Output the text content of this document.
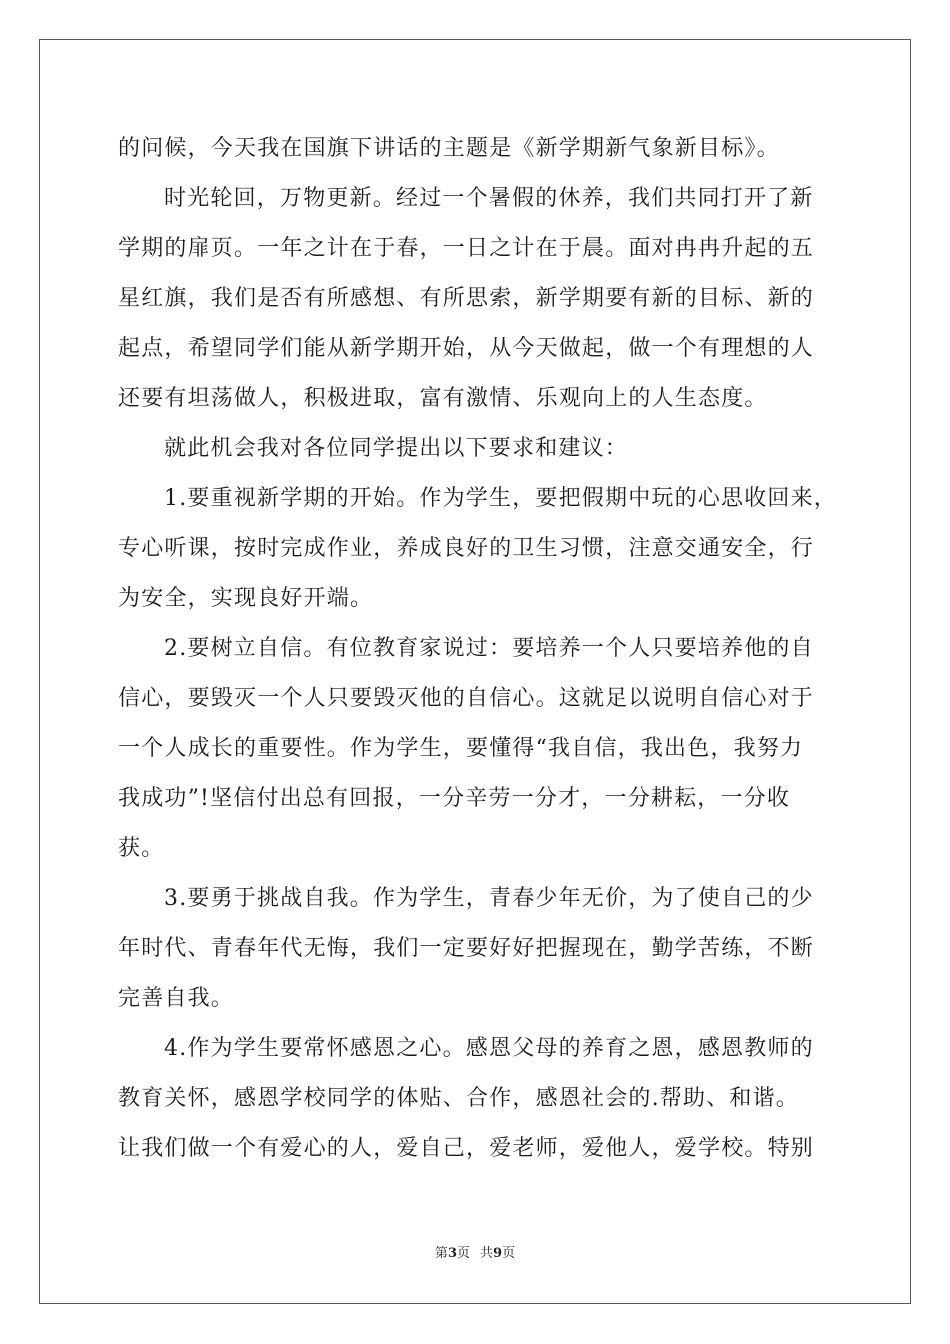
的问候，今天我在国旗下讲话的主题是《新学期新气象新目标》。
时光轮回，万物更新。经过一个暑假的休养，我们共同打开了新
学期的扉页。一年之计在于春，一日之计在于晨。面对冉冉升起的五
星红旗，我们是否有所感想、有所思索，新学期要有新的目标、新的
起点，希望同学们能从新学期开始，从今天做起，做一个有理想的人
还要有坦荡做人，积极进取，富有激情、乐观向上的人生态度。
就此机会我对各位同学提出以下要求和建议：
1.要重视新学期的开始。作为学生，要把假期中玩的心思收回来，
专心听课，按时完成作业，养成良好的卫生习惯，注意交通安全，行
为安全，实现良好开端。
2.要树立自信。有位教育家说过：要培养一个人只要培养他的自
信心，要毁灭一个人只要毁灭他的自信心。这就足以说明自信心对于
一个人成长的重要性。作为学生，要懂得“我自信，我出色，我努力
我成功”!坚信付出总有回报，一分辛劳一分才，一分耕耘，一分收
获。
3.要勇于挑战自我。作为学生，青春少年无价，为了使自己的少
年时代、青春年代无悔，我们一定要好好把握现在，勤学苦练，不断
完善自我。
4.作为学生要常怀感恩之心。感恩父母的养育之恩，感恩教师的
教育关怀，感恩学校同学的体贴、合作，感恩社会的.帮助、和谐。
让我们做一个有爱心的人，爱自己，爱老师，爱他人，爱学校。特别
第3页 共9页
